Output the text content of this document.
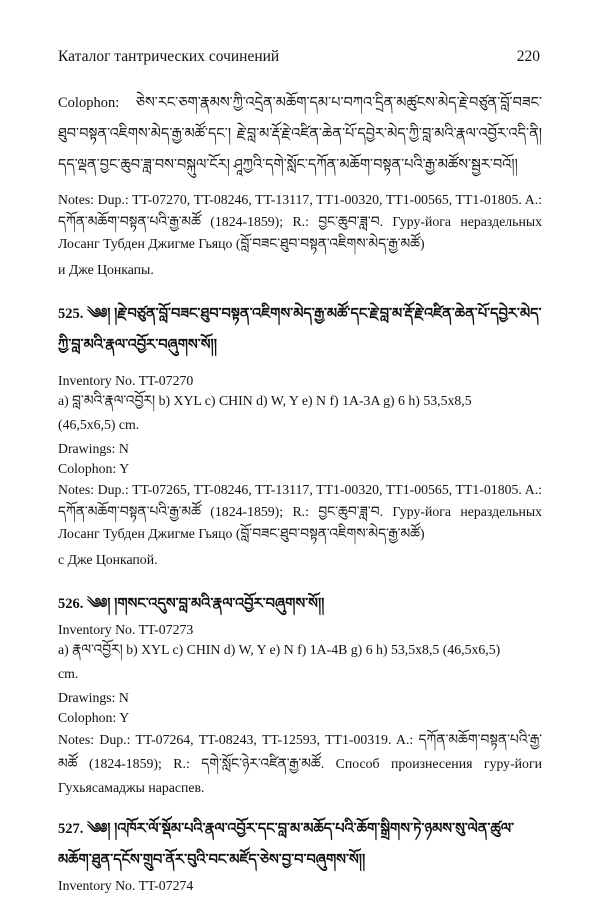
Каталог тантрических сочинений	220

Colophon: ཅེས་རང་ཅག་རྣམས་ཀྱི་འདྲེན་མཆོག་དམ་པ་བཀའ་དྲིན་མཚུངས་མེད་རྗེ་བཙུན་བློ་བཟང་ཐུབ་བསྟན་འཇིགས་མེད་རྒྱ་མཚོ་དང་། རྗེ་བླ་མ་རྡོ་རྗེ་འཛིན་ཆེན་པོ་དབྱེར་མེད་ཀྱི་བླ་མའི་རྣལ་འབྱོར་འདི་ནི། དད་ལྡན་བྱང་ཆུབ་ཟླ་བས་བསྐུལ་ངོར། ཤཱཀྱའི་དགེ་སློང་དཀོན་མཆོག་བསྟན་པའི་རྒྱ་མཚོས་སྦྱར་བའོ།།

Notes: Dup.: TT-07270, TT-08246, TT-13117, TT1-00320, TT1-00565, TT1-01805. A.: དཀོན་མཆོག་བསྟན་པའི་རྒྱ་མཚོ (1824-1859); R.: བྱང་ཆུབ་ཟླ་བ. Гуру-йога нераздельных Лосанг Тубден Джигме Гьяцо (བློ་བཟང་ཐུབ་བསྟན་འཇིགས་མེད་རྒྱ་མཚོ)

и Дже Цонкапы.

525. ༄༅། །རྗེ་བཙུན་བློ་བཟང་ཐུབ་བསྟན་འཇིགས་མེད་རྒྱ་མཚོ་དང་རྗེ་བླ་མ་རྡོ་རྗེ་འཛིན་ཆེན་པོ་དབྱེར་མེད་ཀྱི་བླ་མའི་རྣལ་འབྱོར་བཞུགས་སོ།།

Inventory No. TT-07270

a) བླ་མའི་རྣལ་འབྱོར། b) XYL c) CHIN d) W, Y e) N f) 1A-3A g) 6 h) 53,5x8,5

(46,5x6,5) cm.

Drawings: N

Colophon: Y

Notes: Dup.: TT-07265, TT-08246, TT-13117, TT1-00320, TT1-00565, TT1-01805. A.: དཀོན་མཆོག་བསྟན་པའི་རྒྱ་མཚོ (1824-1859); R.: བྱང་ཆུབ་ཟླ་བ. Гуру-йога нераздельных Лосанг Тубден Джигме Гьяцо (བློ་བཟང་ཐུབ་བསྟན་འཇིགས་མེད་རྒྱ་མཚོ)

с Дже Цонкапой.

526. ༄༅། །གསང་འདུས་བླ་མའི་རྣལ་འབྱོར་བཞུགས་སོ།།

Inventory No. TT-07273

a) རྣལ་འབྱོར། b) XYL c) CHIN d) W, Y e) N f) 1A-4B g) 6 h) 53,5x8,5 (46,5x6,5)

cm.

Drawings: N

Colophon: Y

Notes: Dup.: TT-07264, TT-08243, TT-12593, TT1-00319. A.: དཀོན་མཆོག་བསྟན་པའི་རྒྱ་མཚོ (1824-1859); R.: དགེ་སློང་ཉེར་འཛིན་རྒྱ་མཚོ. Способ произнесения гуру-йоги Гухьясамаджы нараспев.

527. ༄༅། །འཁོར་ལོ་སྡོམ་པའི་རྣལ་འབྱོར་དང་བླ་མ་མཆོད་པའི་ཆོག་སྒྲིགས་ཏེ་ཉམས་སུ་ལེན་ཚུལ་མཆོག་ཐུན་དངོས་གྲུབ་ནོར་བུའི་བང་མཛོད་ཅེས་བྱ་བ་བཞུགས་སོ།།

Inventory No. TT-07274
